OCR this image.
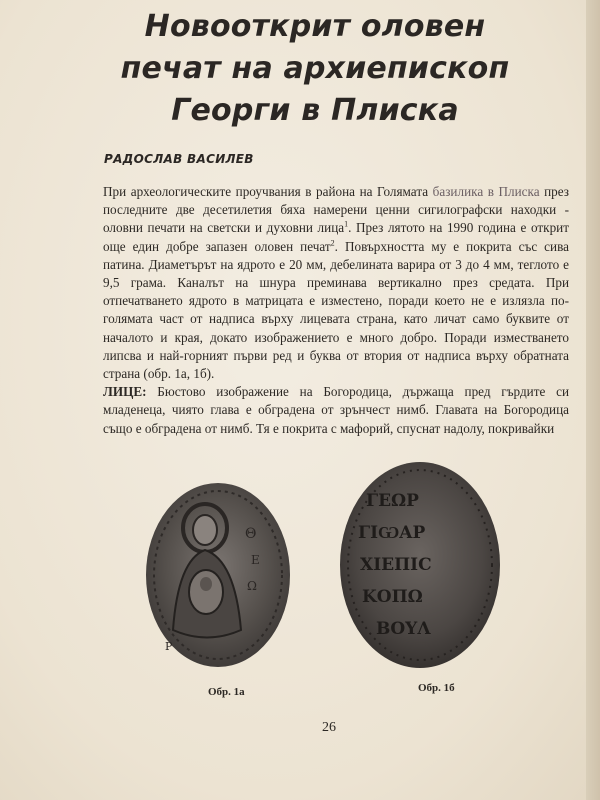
Новооткрит оловен
печат на архиепископ
Георги в Плиска
РАДОСЛАВ ВАСИЛЕВ

При археологическите проучвания в района на Голямата базилика в Плиска през последните две десетилетия бяха намерени ценни сигилографски находки - оловни печати на светски и духовни лица$^1$. През лятото на 1990 година е открит още един добре запазен оловен печат$^2$. Повърхността му е покрита със сива патина. Диаметърът на ядрото е 20 мм, дебелината варира от 3 до 4 мм, теглото е 9,5 грама. Каналът на шнура преминава вертикално през средата. При отпечатването ядрото в матрицата е изместено, поради което не е излязла по-голямата част от надписа върху лицевата страна, като личат само буквите от началото и края, докато изображението е много добро. Поради изместването липсва и най-горният първи ред и буква от втория от надписа върху обратната страна (обр. 1а, 1б).

ЛИЦЕ: Бюстово изображение на Богородица, държаща пред гърдите си младенеца, чиято глава е обградена от зрънчест нимб. Главата на Богородица също е обградена от нимб. Тя е покрита с мафорий, спуснат надолу, покривайки

Θ
Ε
Ω
Ρ
Обр. 1а
ΓΕΩΡ
ΓΙѠΑΡ
ΧΙΕΠΙϹ
ΚΟΠΩ
ΒΟΥΛ
Обр. 1б
26
